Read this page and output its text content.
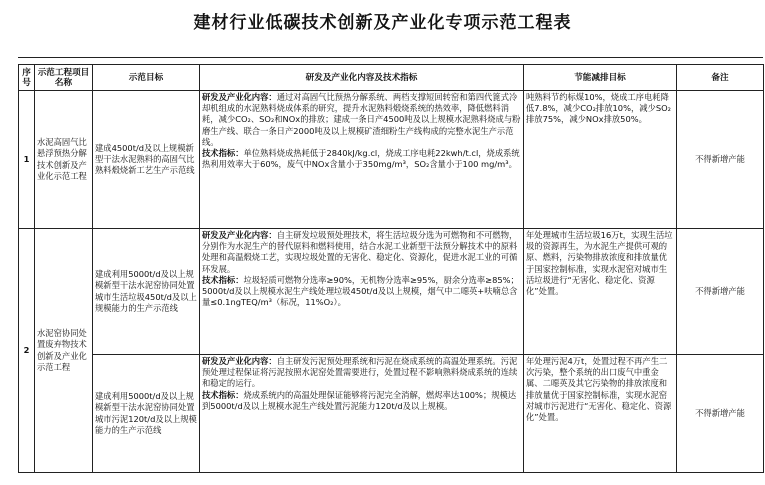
建材行业低碳技术创新及产业化专项示范工程表
序号	示范工程项目名称	示范目标	研发及产业化内容及技术指标	节能减排目标	备注
1	水泥高固气比悬浮预热分解技术创新及产业化示范工程	建成4500t/d及以上规模新型干法水泥熟料的高固气比熟料煅烧新工艺生产示范线	研发及产业化内容：通过对高固气比预热分解系统、两档支撑短回转窑和第四代篦式冷却机组成的水泥熟料烧成体系的研究，提升水泥熟料煅烧系统的热效率，降低燃料消耗，减少CO₂、SO₂和NOx的排放；建成一条日产4500吨及以上规模水泥熟料烧成与粉磨生产线、联合一条日产2000吨及以上规模矿渣细粉生产线构成的完整水泥生产示范线。
技术指标：单位熟料烧成热耗低于2840kJ/kg.cl，烧成工序电耗22kwh/t.cl，烧成系统热利用效率大于60%，废气中NOx含量小于350mg/m³，SO₂含量小于100 mg/m³。	吨熟料节约标煤10%，烧成工序电耗降低7.8%，减少CO₂排放10%，减少SO₂排放75%，减少NOx排放50%。	不得新增产能
2	水泥窑协同处置废弃物技术创新及产业化示范工程	建成利用5000t/d及以上规模新型干法水泥窑协同处置城市生活垃圾450t/d及以上规模能力的生产示范线	研发及产业化内容：自主研发垃圾预处理技术，将生活垃圾分选为可燃物和不可燃物，分别作为水泥生产的替代原料和燃料使用，结合水泥工业新型干法预分解技术中的原料处理和高温煅烧工艺，实现垃圾处置的无害化、稳定化、资源化，促进水泥工业的可循环发展。
技术指标：垃圾轻质可燃物分选率≥90%，无机物分选率≥95%，厨余分选率≥85%；5000t/d及以上规模水泥生产线处理垃圾450t/d及以上规模，烟气中二噁英+呋喃总含量≤0.1ngTEQ/m³（标况，11%O₂）。	年处理城市生活垃圾16万t，实现生活垃圾的资源再生，为水泥生产提供可观的原、燃料，污染物排放浓度和排放量优于国家控制标准，实现水泥窑对城市生活垃圾进行“无害化、稳定化、资源化”处置。	不得新增产能
		建成利用5000t/d及以上规模新型干法水泥窑协同处置城市污泥120t/d及以上规模能力的生产示范线	研发及产业化内容：自主研发污泥预处理系统和污泥在烧成系统的高温处理系统。污泥预处理过程保证将污泥按照水泥窑处置需要进行，处置过程不影响熟料烧成系统的连续和稳定的运行。
技术指标：烧成系统内的高温处理保证能够将污泥完全消解，燃烬率达100%；规模达到5000t/d及以上规模水泥生产线处置污泥能力120t/d及以上规模。	年处理污泥4万t，处置过程不再产生二次污染，整个系统的出口废气中重金属、二噁英及其它污染物的排放浓度和排放量优于国家控制标准，实现水泥窑对城市污泥进行“无害化、稳定化、资源化”处置。	不得新增产能
